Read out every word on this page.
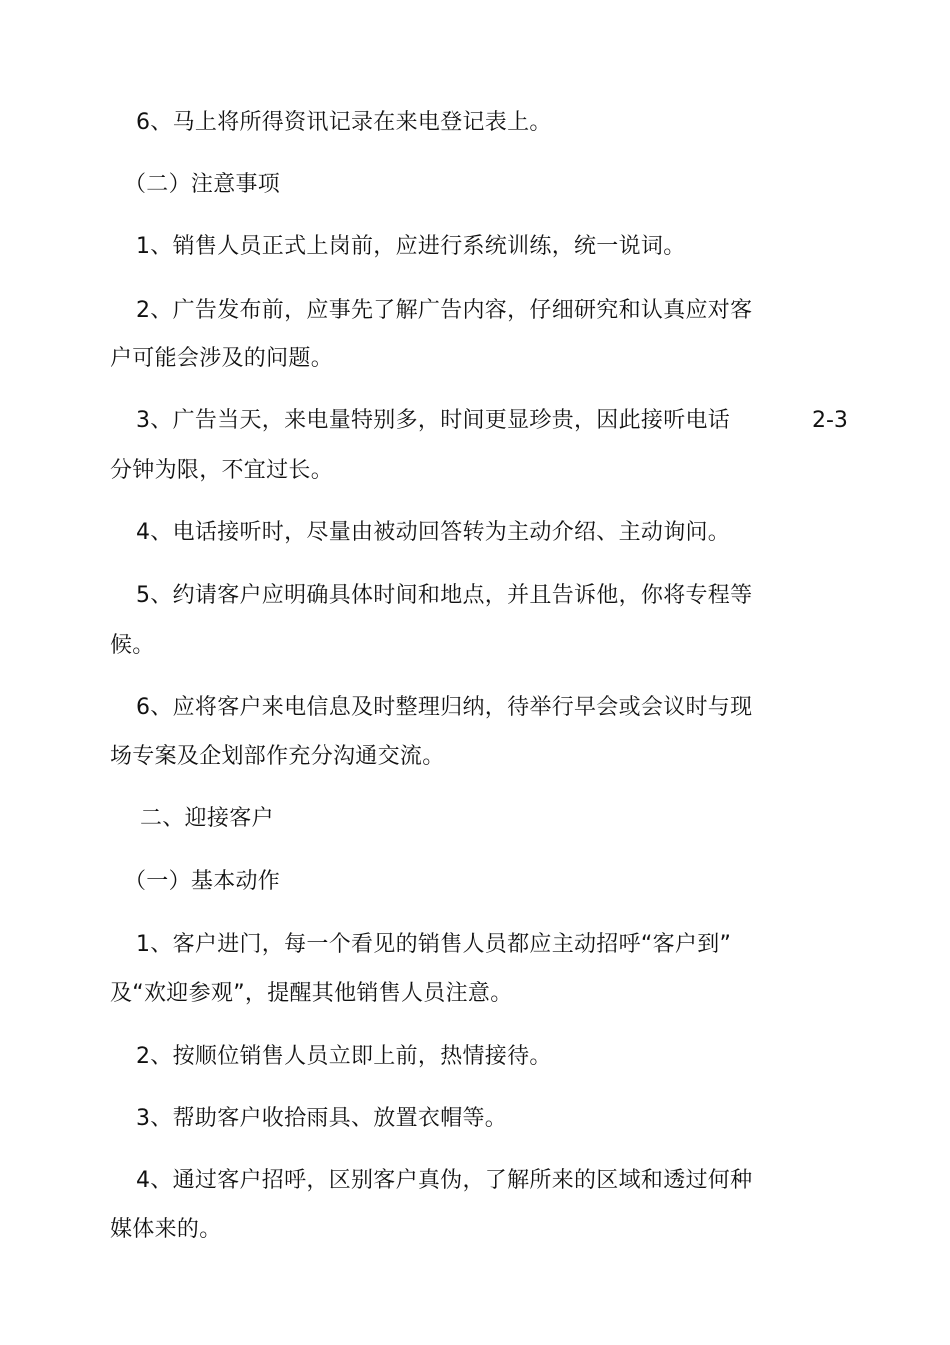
6、马上将所得资讯记录在来电登记表上。
（二）注意事项
1、销售人员正式上岗前，应进行系统训练，统一说词。
2、广告发布前，应事先了解广告内容，仔细研究和认真应对客
户可能会涉及的问题。
3、广告当天，来电量特别多，时间更显珍贵，因此接听电话	2-3
分钟为限，不宜过长。
4、电话接听时，尽量由被动回答转为主动介绍、主动询问。
5、约请客户应明确具体时间和地点，并且告诉他，你将专程等
候。
6、应将客户来电信息及时整理归纳，待举行早会或会议时与现
场专案及企划部作充分沟通交流。
二、迎接客户
（一）基本动作
1、客户进门，每一个看见的销售人员都应主动招呼“客户到”
及“欢迎参观”，提醒其他销售人员注意。
2、按顺位销售人员立即上前，热情接待。
3、帮助客户收拾雨具、放置衣帽等。
4、通过客户招呼，区别客户真伪，了解所来的区域和透过何种
媒体来的。
